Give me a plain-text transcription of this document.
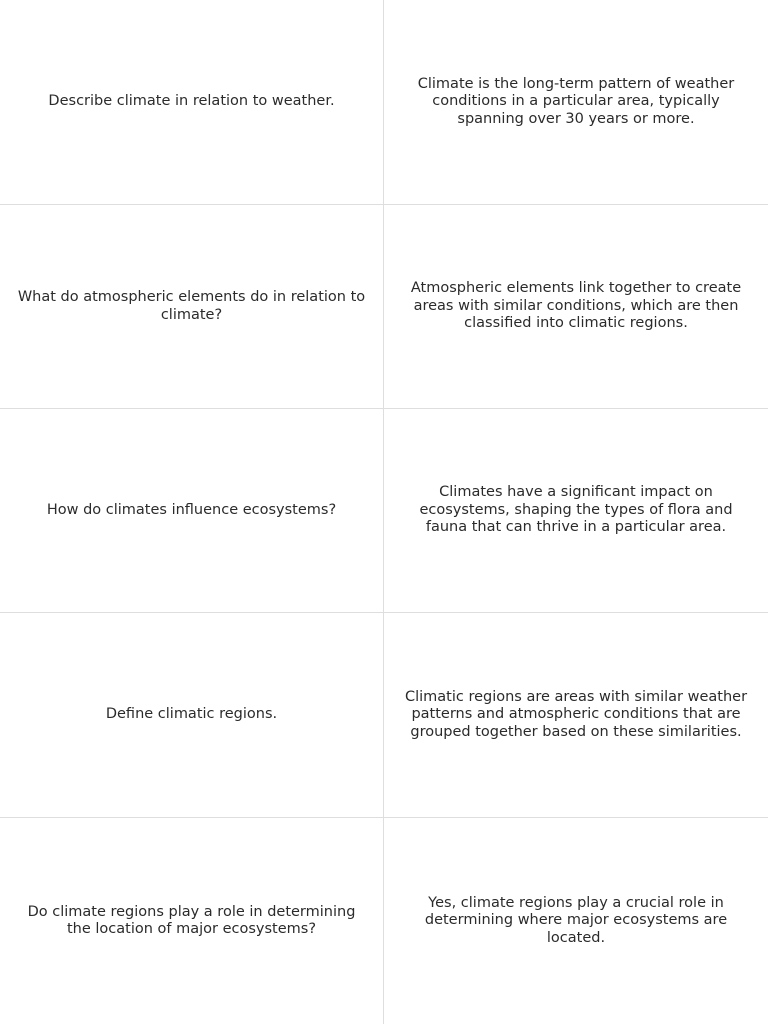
Describe climate in relation to weather.
Climate is the long-term pattern of weather conditions in a particular area, typically spanning over 30 years or more.
What do atmospheric elements do in relation to climate?
Atmospheric elements link together to create areas with similar conditions, which are then classified into climatic regions.
How do climates influence ecosystems?
Climates have a significant impact on ecosystems, shaping the types of flora and fauna that can thrive in a particular area.
Define climatic regions.
Climatic regions are areas with similar weather patterns and atmospheric conditions that are grouped together based on these similarities.
Do climate regions play a role in determining the location of major ecosystems?
Yes, climate regions play a crucial role in determining where major ecosystems are located.
